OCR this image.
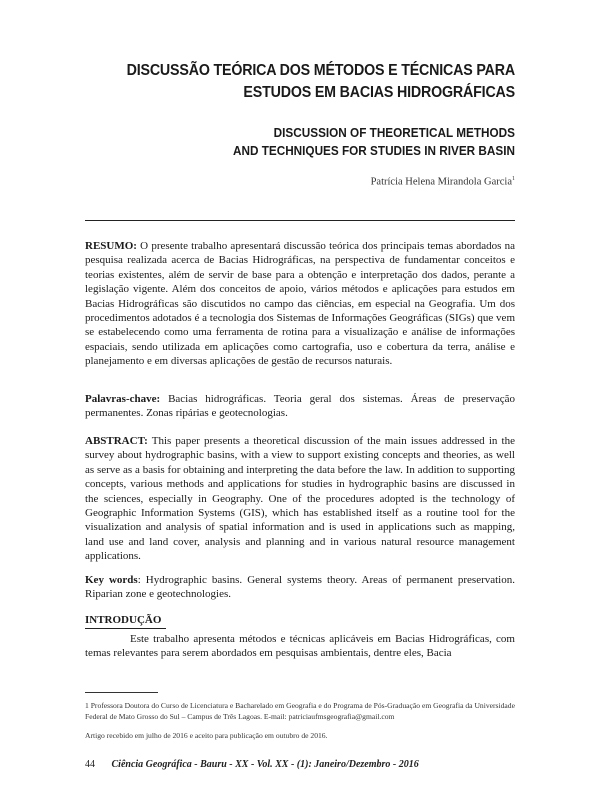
DISCUSSÃO TEÓRICA DOS MÉTODOS E TÉCNICAS PARA
ESTUDOS EM BACIAS HIDROGRÁFICAS
DISCUSSION OF THEORETICAL METHODS
AND TECHNIQUES FOR STUDIES IN RIVER BASIN
Patrícia Helena Mirandola Garcia$^1$
RESUMO: O presente trabalho apresentará discussão teórica dos principais temas abordados na pesquisa realizada acerca de Bacias Hidrográficas, na perspectiva de fundamentar conceitos e teorias existentes, além de servir de base para a obtenção e interpretação dos dados, perante a legislação vigente. Além dos conceitos de apoio, vários métodos e aplicações para estudos em Bacias Hidrográficas são discutidos no campo das ciências, em especial na Geografia. Um dos procedimentos adotados é a tecnologia dos Sistemas de Informações Geográficas (SIGs) que vem se estabelecendo como uma ferramenta de rotina para a visualização e análise de informações espaciais, sendo utilizada em aplicações como cartografia, uso e cobertura da terra, análise e planejamento e em diversas aplicações de gestão de recursos naturais.
Palavras-chave: Bacias hidrográficas. Teoria geral dos sistemas. Áreas de preservação permanentes. Zonas ripárias e geotecnologias.
ABSTRACT: This paper presents a theoretical discussion of the main issues addressed in the survey about hydrographic basins, with a view to support existing concepts and theories, as well as serve as a basis for obtaining and interpreting the data before the law. In addition to supporting concepts, various methods and applications for studies in hydrographic basins are discussed in the sciences, especially in Geography. One of the procedures adopted is the technology of Geographic Information Systems (GIS), which has established itself as a routine tool for the visualization and analysis of spatial information and is used in applications such as mapping, land use and land cover, analysis and planning and in various natural resource management applications.
Key words: Hydrographic basins. General systems theory. Areas of permanent preservation. Riparian zone e geotechnologies.
INTRODUÇÃO
Este trabalho apresenta métodos e técnicas aplicáveis em Bacias Hidrográficas, com temas relevantes para serem abordados em pesquisas ambientais, dentre eles, Bacia
1 Professora Doutora do Curso de Licenciatura e Bacharelado em Geografia e do Programa de Pós-Graduação em Geografia da Universidade Federal de Mato Grosso do Sul – Campus de Três Lagoas. E-mail: patriciaufmsgeografia@gmail.com
Artigo recebido em julho de 2016 e aceito para publicação em outubro de 2016.
44 Ciência Geográfica - Bauru - XX - Vol. XX - (1): Janeiro/Dezembro - 2016
